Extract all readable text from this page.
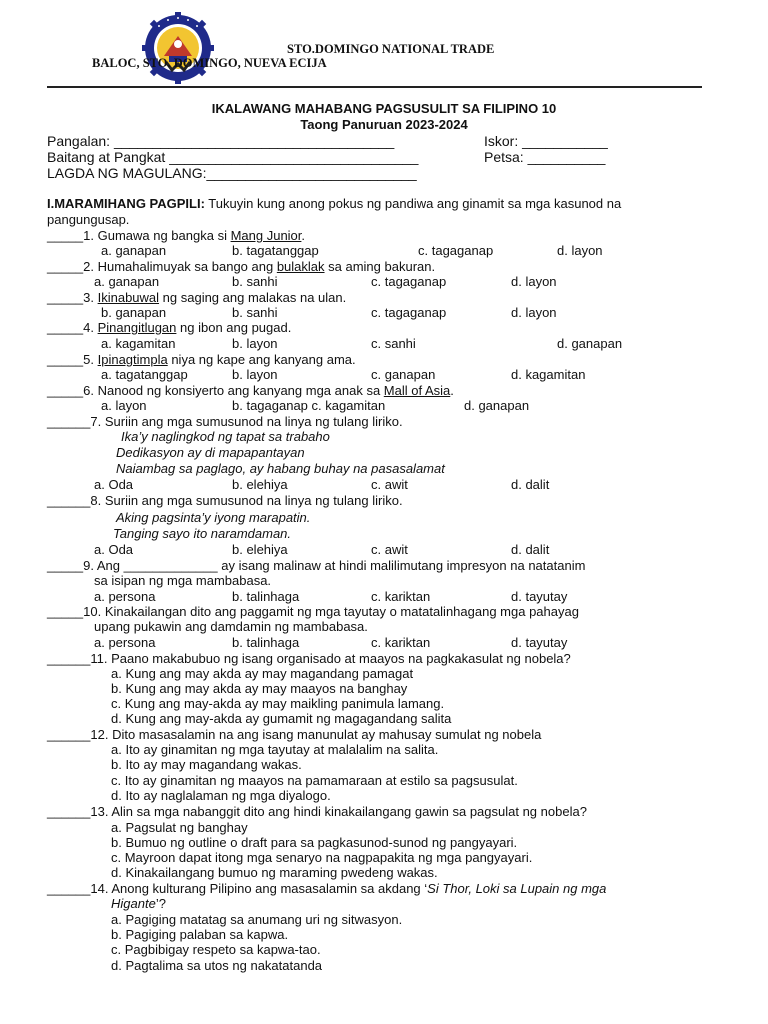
STO.DOMINGO NATIONAL TRADE
BALOC, STO. DOMINGO, NUEVA ECIJA
IKALAWANG MAHABANG PAGSUSULIT SA FILIPINO 10
Taong Panuruan 2023-2024
Pangalan: ____________________________________
Baitang at Pangkat ________________________________
LAGDA NG MAGULANG:___________________________
Iskor: ___________
Petsa: __________
I.MARAMIHANG PAGPILI: Tukuyin kung anong pokus ng pandiwa ang ginamit sa mga kasunod na
pangungusap.
_____1. Gumawa ng bangka si Mang Junior.
a. ganapan	b. tagatanggap	c. tagaganap	d. layon
_____2. Humahalimuyak sa bango ang bulaklak sa aming bakuran.
a. ganapan	b. sanhi	c. tagaganap	d. layon
_____3. Ikinabuwal ng saging ang malakas na ulan.
b. ganapan	b. sanhi	c. tagaganap	d. layon
_____4. Pinangitlugan ng ibon ang pugad.
a. kagamitan	b. layon	c. sanhi	d. ganapan
_____5. Ipinagtimpla niya ng kape ang kanyang ama.
a. tagatanggap	b. layon	c. ganapan	d. kagamitan
_____6. Nanood ng konsiyerto ang kanyang mga anak sa Mall of Asia.
a. layon	b. tagaganap c. kagamitan	d. ganapan
______7. Suriin ang mga sumusunod na linya ng tulang liriko.
Ika’y naglingkod ng tapat sa trabaho
Dedikasyon ay di mapapantayan
Naiambag sa paglago, ay habang buhay na pasasalamat
a. Oda	b. elehiya	c. awit	d. dalit
______8. Suriin ang mga sumusunod na linya ng tulang liriko.
Aking pagsinta’y iyong marapatin.
Tanging sayo ito naramdaman.
a. Oda	b. elehiya	c. awit	d. dalit
_____9. Ang _____________ ay isang malinaw at hindi malilimutang impresyon na natatanim
sa isipan ng mga mambabasa.
a. persona	b. talinhaga	c. kariktan	d. tayutay
_____10. Kinakailangan dito ang paggamit ng mga tayutay o matatalinhagang mga pahayag
upang pukawin ang damdamin ng mambabasa.
a. persona	b. talinhaga	c. kariktan	d. tayutay
______11. Paano makabubuo ng isang organisado at maayos na pagkakasulat ng nobela?
a. Kung ang may akda ay may magandang pamagat
b. Kung ang may akda ay may maayos na banghay
c. Kung ang may-akda ay may maikling panimula lamang.
d. Kung ang may-akda ay gumamit ng magagandang salita
______12. Dito masasalamin na ang isang manunulat ay mahusay sumulat ng nobela
a. Ito ay ginamitan ng mga tayutay at malalalim na salita.
b. Ito ay may magandang wakas.
c. Ito ay ginamitan ng maayos na pamamaraan at estilo sa pagsusulat.
d. Ito ay naglalaman ng mga diyalogo.
______13. Alin sa mga nabanggit dito ang hindi kinakailangang gawin sa pagsulat ng nobela?
a. Pagsulat ng banghay
b. Bumuo ng outline o draft para sa pagkasunod-sunod ng pangyayari.
c. Mayroon dapat itong mga senaryo na nagpapakita ng mga pangyayari.
d. Kinakailangang bumuo ng maraming pwedeng wakas.
______14. Anong kulturang Pilipino ang masasalamin sa akdang ‘Si Thor, Loki sa Lupain ng mga
Higante’?
a. Pagiging matatag sa anumang uri ng sitwasyon.
b. Pagiging palaban sa kapwa.
c. Pagbibigay respeto sa kapwa-tao.
d. Pagtalima sa utos ng nakatatanda
